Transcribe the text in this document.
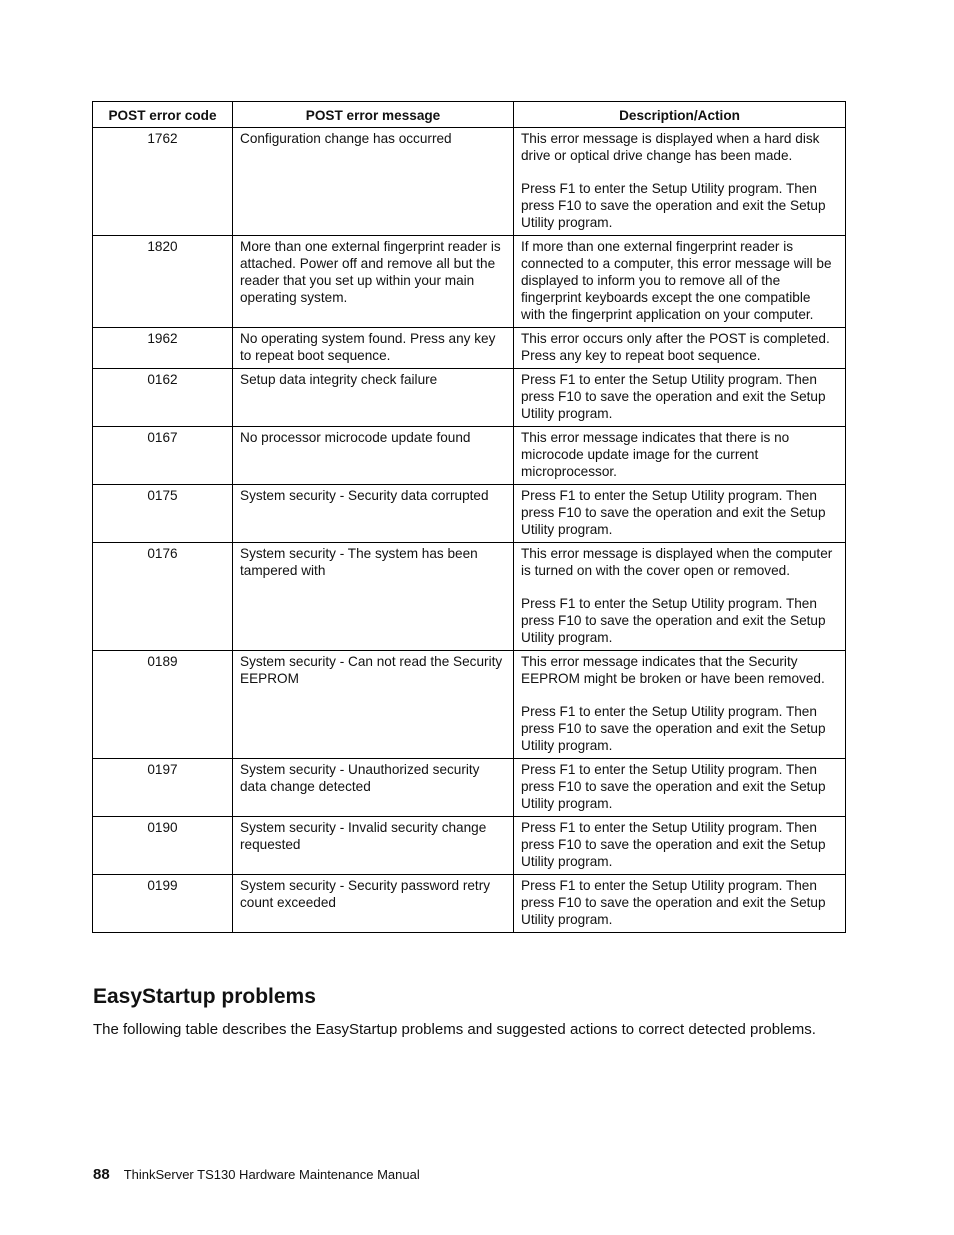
POST error code	POST error message	Description/Action
1762	Configuration change has occurred	This error message is displayed when a hard disk drive or optical drive change has been made.
Press F1 to enter the Setup Utility program. Then press F10 to save the operation and exit the Setup Utility program.

1820	More than one external fingerprint reader is attached. Power off and remove all but the reader that you set up within your main operating system.	If more than one external fingerprint reader is connected to a computer, this error message will be displayed to inform you to remove all of the fingerprint keyboards except the one compatible with the fingerprint application on your computer.

1962	No operating system found. Press any key to repeat boot sequence.	This error occurs only after the POST is completed. Press any key to repeat boot sequence.

0162	Setup data integrity check failure	Press F1 to enter the Setup Utility program. Then press F10 to save the operation and exit the Setup Utility program.

0167	No processor microcode update found	This error message indicates that there is no microcode update image for the current microprocessor.

0175	System security - Security data corrupted	Press F1 to enter the Setup Utility program. Then press F10 to save the operation and exit the Setup Utility program.

0176	System security - The system has been tampered with	This error message is displayed when the computer is turned on with the cover open or removed.
Press F1 to enter the Setup Utility program. Then press F10 to save the operation and exit the Setup Utility program.

0189	System security - Can not read the Security EEPROM	This error message indicates that the Security EEPROM might be broken or have been removed.
Press F1 to enter the Setup Utility program. Then press F10 to save the operation and exit the Setup Utility program.

0197	System security - Unauthorized security data change detected	Press F1 to enter the Setup Utility program. Then press F10 to save the operation and exit the Setup Utility program.

0190	System security - Invalid security change requested	Press F1 to enter the Setup Utility program. Then press F10 to save the operation and exit the Setup Utility program.

0199	System security - Security password retry count exceeded	Press F1 to enter the Setup Utility program. Then press F10 to save the operation and exit the Setup Utility program.
EasyStartup problems

The following table describes the EasyStartup problems and suggested actions to correct detected problems.

88 ThinkServer TS130 Hardware Maintenance Manual
